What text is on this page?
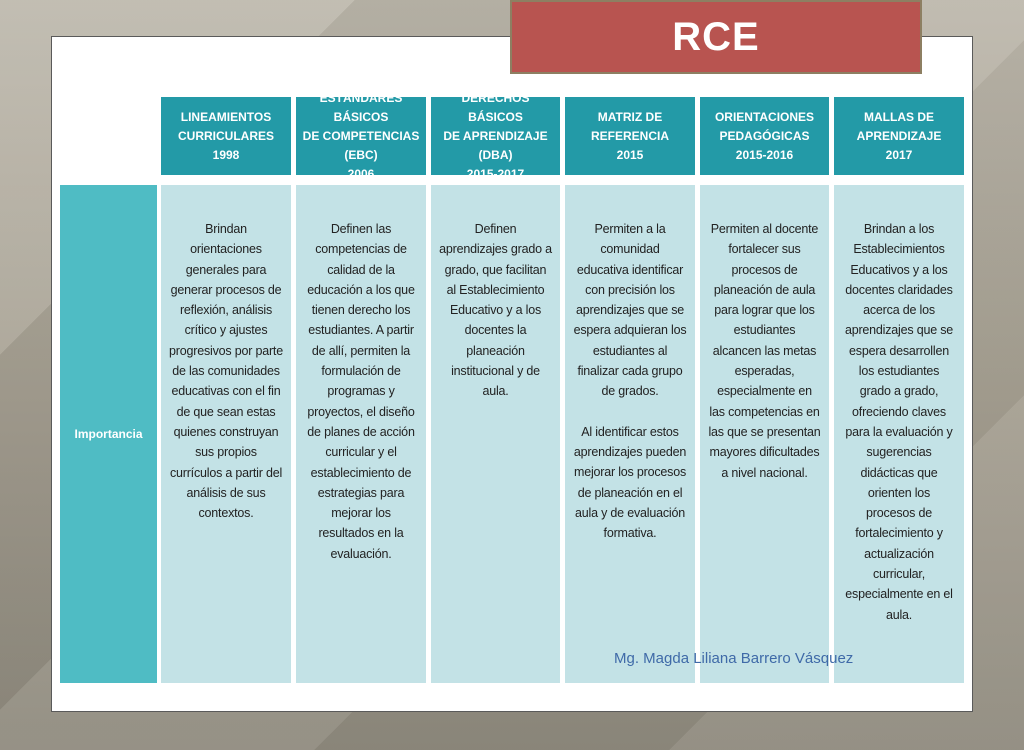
RCE
LINEAMIENTOS
CURRICULARES
1998
ESTÁNDARES BÁSICOS
DE COMPETENCIAS (EBC)
2006
DERECHOS BÁSICOS
DE APRENDIZAJE (DBA)
2015-2017
MATRIZ DE
REFERENCIA
2015
ORIENTACIONES
PEDAGÓGICAS
2015-2016
MALLAS DE
APRENDIZAJE
2017
Importancia

Brindan orientaciones generales para generar procesos de reflexión, análisis crítico y ajustes progresivos por parte de las comunidades educativas con el fin de que sean estas quienes construyan sus propios currículos a partir del análisis de sus contextos.

Definen las competencias de calidad de la educación a los que tienen derecho los estudiantes. A partir de allí, permiten la formulación de programas y proyectos, el diseño de planes de acción curricular y el establecimiento de estrategias para mejorar los resultados en la evaluación.

Definen aprendizajes grado a grado, que facilitan al Establecimiento Educativo y a los docentes la planeación institucional y de aula.

Permiten a la comunidad educativa identificar con precisión los aprendizajes que se espera adquieran los estudiantes al finalizar cada grupo de grados.

Al identificar estos aprendizajes pueden mejorar los procesos de planeación en el aula y de evaluación formativa.

Permiten al docente fortalecer sus procesos de planeación de aula para lograr que los estudiantes alcancen las metas esperadas, especialmente en las competencias en las que se presentan mayores dificultades a nivel nacional.

Brindan a los Establecimientos Educativos y a los docentes claridades acerca de los aprendizajes que se espera desarrollen los estudiantes grado a grado, ofreciendo claves para la evaluación y sugerencias didácticas que orienten los procesos de fortalecimiento y actualización curricular, especialmente en el aula.

Mg. Magda Liliana Barrero Vásquez
